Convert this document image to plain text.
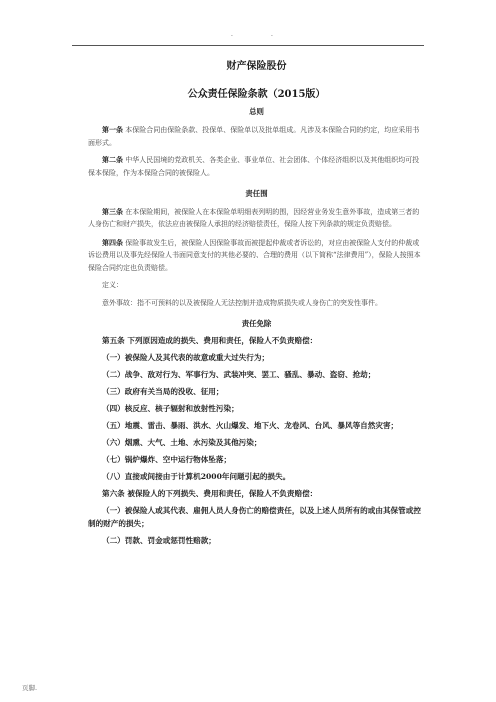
·	·
财产保险股份
公众责任保险条款（2015版）
总则

第一条 本保险合同由保险条款、投保单、保险单以及批单组成。凡涉及本保险合同的约定，均应采用书面形式。

第二条 中华人民国境的党政机关、各类企业、事业单位、社会团体、个体经济组织以及其他组织均可投保本保险，作为本保险合同的被保险人。

责任围

第三条 在本保险期间，被保险人在本保险单明细表列明的围，因经营业务发生意外事故，造成第三者的人身伤亡和财产损失，依法应由被保险人承担的经济赔偿责任，保险人按下列条款的规定负责赔偿。

第四条 保险事故发生后，被保险人因保险事故而被提起仲裁或者诉讼的，对应由被保险人支付的仲裁或诉讼费用以及事先经保险人书面同意支付的其他必要的、合理的费用（以下简称“法律费用”），保险人按照本保险合同约定也负责赔偿。

定义：

意外事故：指不可预料的以及被保险人无法控制并造成物质损失或人身伤亡的突发性事件。

责任免除

第五条 下列原因造成的损失、费用和责任，保险人不负责赔偿：

（一）被保险人及其代表的故意或重大过失行为；

（二）战争、敌对行为、军事行为、武装冲突、罢工、骚乱、暴动、盗窃、抢劫；

（三）政府有关当局的没收、征用；

（四）核反应、核子辐射和放射性污染；

（五）地震、雷击、暴雨、洪水、火山爆发、地下火、龙卷风、台风、暴风等自然灾害；

（六）烟熏、大气、土地、水污染及其他污染；

（七）锅炉爆炸、空中运行物体坠落；

（八）直接或间接由于计算机2000年问题引起的损失。

第六条 被保险人的下列损失、费用和责任，保险人不负责赔偿：

（一）被保险人或其代表、雇佣人员人身伤亡的赔偿责任，以及上述人员所有的或由其保管或控制的财产的损失；

（二）罚款、罚金或惩罚性赔款；

页脚.
